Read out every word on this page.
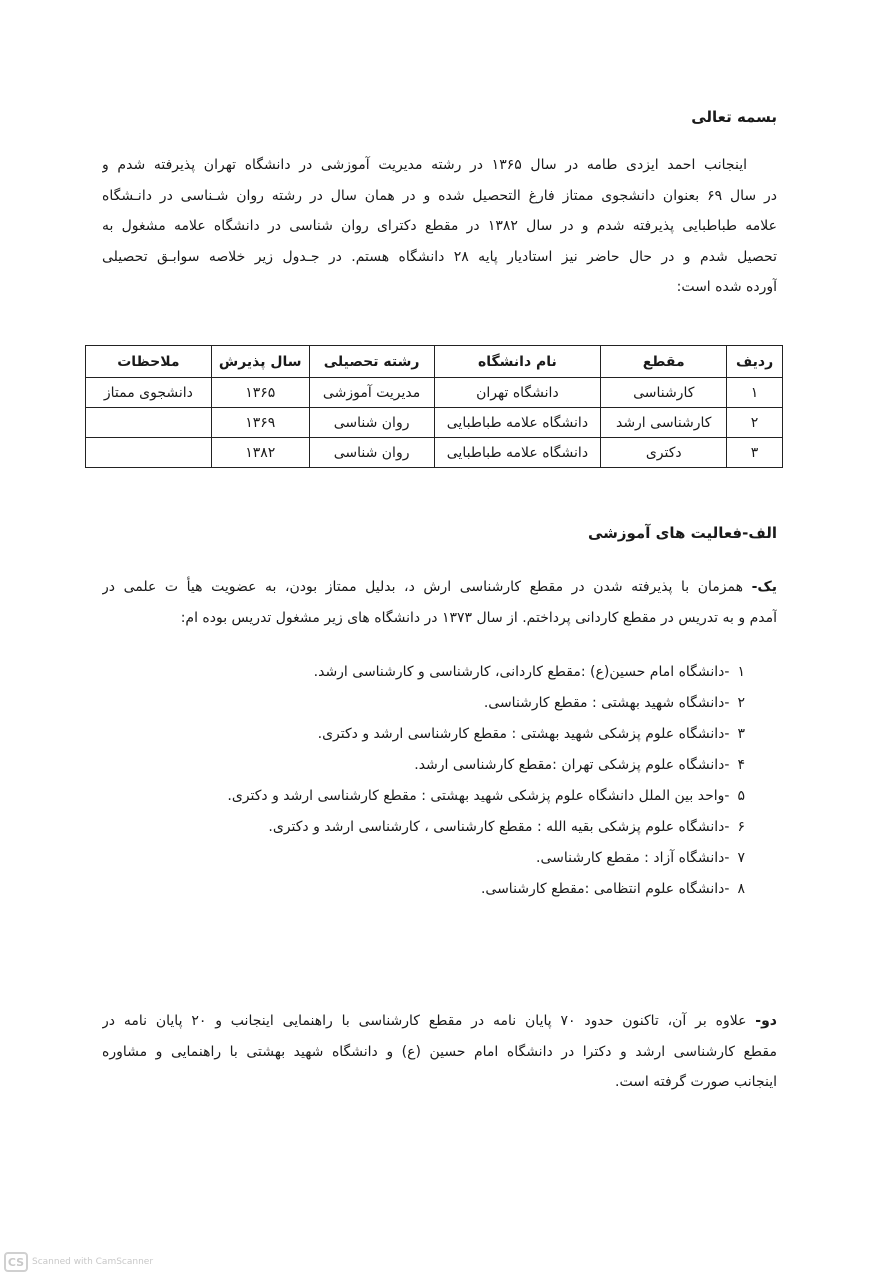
بسمه تعالی
اینجانب احمد ایزدی طامه در سال ۱۳۶۵ در رشته مدیریت آموزشی در دانشگاه تهران پذیرفته شدم و
در سال ۶۹ بعنوان دانشجوی ممتاز فارغ التحصیل شده و در همان سال در رشته روان شـناسی در دانـشگاه
علامه طباطبایی پذیرفته شدم و در سال ۱۳۸۲ در مقطع دکترای روان شناسی در دانشگاه علامه مشغول به
تحصیل شدم و در حال حاضر نیز استادیار پایه ۲۸ دانشگاه هستم. در جـدول زیر خلاصه سوابـق تحصیلی
آورده شده است:
ردیف	مقطع	نام دانشگاه	رشته تحصیلی	سال پذیرش	ملاحظات
۱	کارشناسی	دانشگاه تهران	مدیریت آموزشی	۱۳۶۵	دانشجوی ممتاز
۲	کارشناسی ارشد	دانشگاه علامه طباطبایی	روان شناسی	۱۳۶۹	
۳	دکتری	دانشگاه علامه طباطبایی	روان شناسی	۱۳۸۲	
الف-فعالیت های آموزشی
یک- همزمان با پذیرفته شدن در مقطع کارشناسی ارش د، بدلیل ممتاز بودن، به عضویت هیأ ت علمی در
آمدم و به تدریس در مقطع کاردانی پرداختم. از سال ۱۳۷۳ در دانشگاه های زیر مشغول تدریس بوده ام:
۱-دانشگاه امام حسین(ع) :مقطع کاردانی، کارشناسی و کارشناسی ارشد.
۲-دانشگاه شهید بهشتی : مقطع کارشناسی.
۳-دانشگاه علوم پزشکی شهید بهشتی : مقطع کارشناسی ارشد و دکتری.
۴-دانشگاه علوم پزشکی تهران :مقطع کارشناسی ارشد.
۵-واحد بین الملل دانشگاه علوم پزشکی شهید بهشتی : مقطع کارشناسی ارشد و دکتری.
۶-دانشگاه علوم پزشکی بقیه الله : مقطع کارشناسی ، کارشناسی ارشد و دکتری.
۷-دانشگاه آزاد : مقطع کارشناسی.
۸-دانشگاه علوم انتظامی :مقطع کارشناسی.
دو- علاوه بر آن، تاکنون حدود ۷۰ پایان نامه در مقطع کارشناسی با راهنمایی اینجانب و ۲۰ پایان نامه در
مقطع کارشناسی ارشد و دکترا در دانشگاه امام حسین (ع) و دانشگاه شهید بهشتی با راهنمایی و مشاوره
اینجانب صورت گرفته است.
CS Scanned with CamScanner
